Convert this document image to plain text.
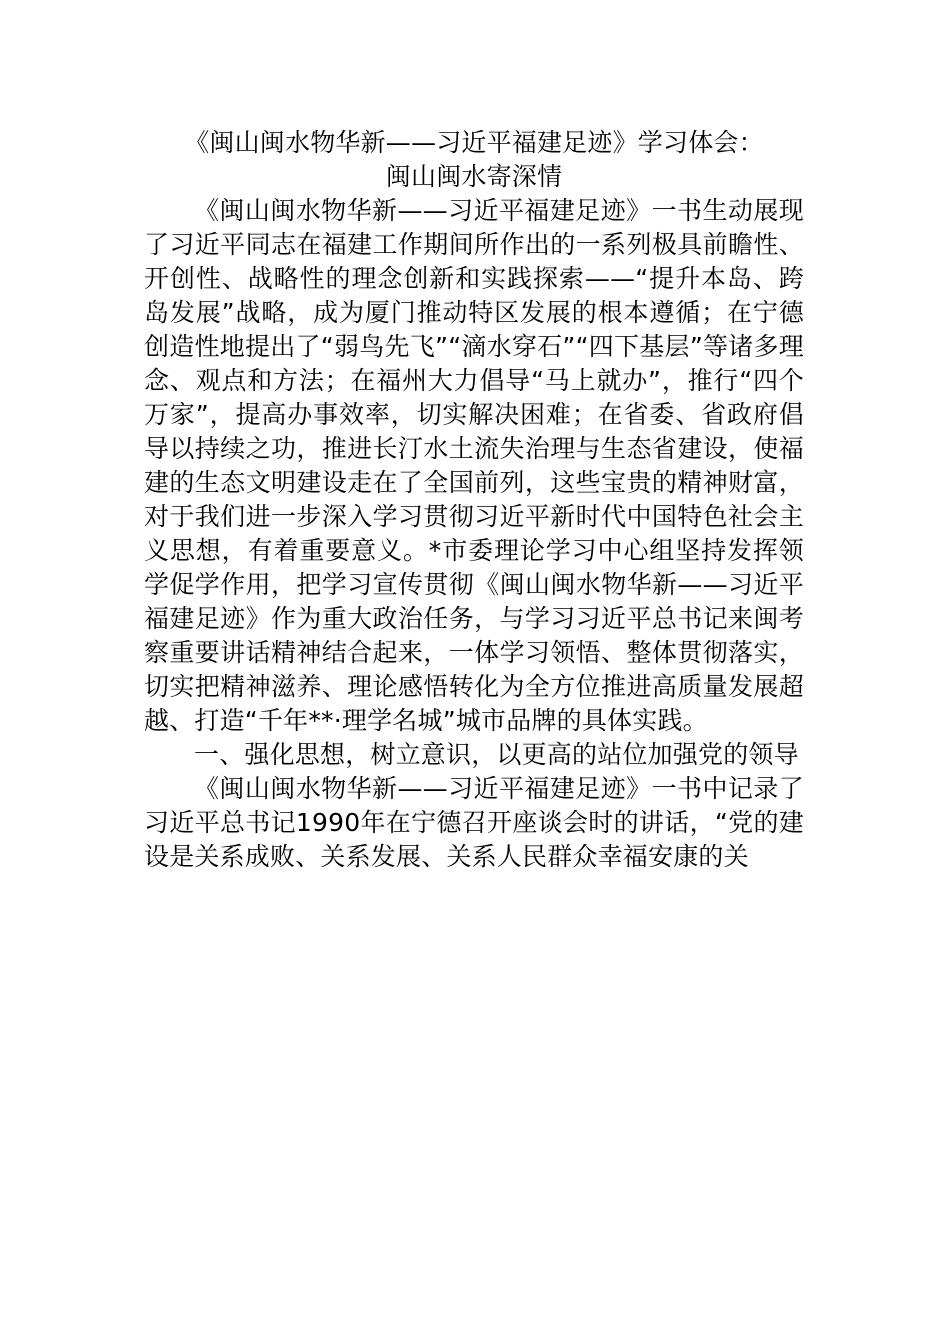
《闽山闽水物华新——习近平福建足迹》学习体会：

闽山闽水寄深情

《闽山闽水物华新——习近平福建足迹》一书生动展现了习近平同志在福建工作期间所作出的一系列极具前瞻性、开创性、战略性的理念创新和实践探索——“提升本岛、跨岛发展”战略，成为厦门推动特区发展的根本遵循；在宁德创造性地提出了“弱鸟先飞”“滴水穿石”“四下基层”等诸多理念、观点和方法；在福州大力倡导“马上就办”，推行“四个万家”，提高办事效率，切实解决困难；在省委、省政府倡导以持续之功，推进长汀水土流失治理与生态省建设，使福建的生态文明建设走在了全国前列，这些宝贵的精神财富，对于我们进一步深入学习贯彻习近平新时代中国特色社会主义思想，有着重要意义。*市委理论学习中心组坚持发挥领学促学作用，把学习宣传贯彻《闽山闽水物华新——习近平福建足迹》作为重大政治任务，与学习习近平总书记来闽考察重要讲话精神结合起来，一体学习领悟、整体贯彻落实，切实把精神滋养、理论感悟转化为全方位推进高质量发展超越、打造“千年**·理学名城”城市品牌的具体实践。

一、强化思想，树立意识，以更高的站位加强党的领导

《闽山闽水物华新——习近平福建足迹》一书中记录了习近平总书记1990年在宁德召开座谈会时的讲话，“党的建设是关系成败、关系发展、关系人民群众幸福安康的关
